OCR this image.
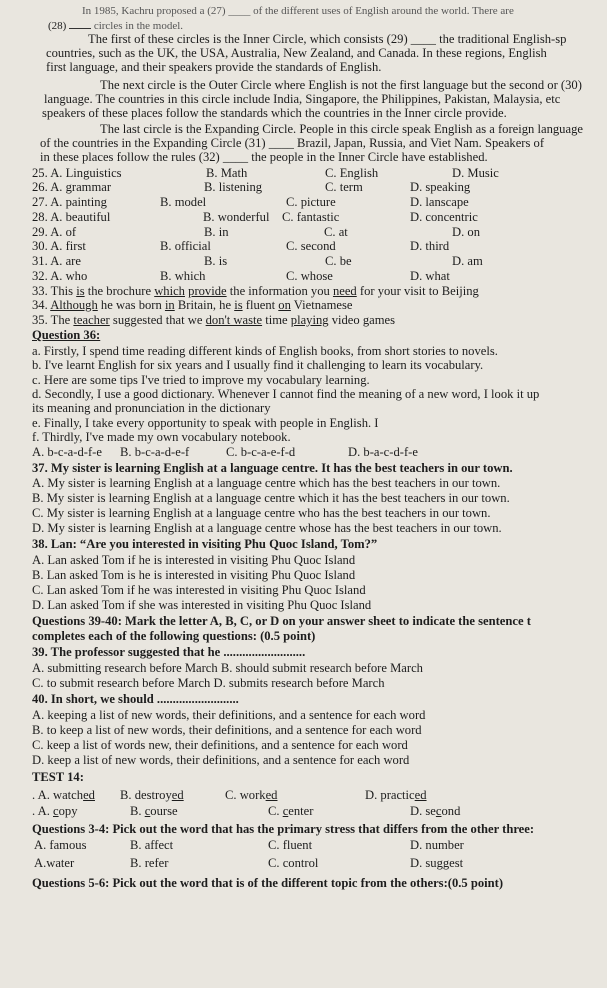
In 1985, Kachru proposed a (27) ____ of the different uses of English around the world. There are
(28)	circles in the model.
The first of these circles is the Inner Circle, which consists (29) ____ the traditional English-sp
countries, such as the UK, the USA, Australia, New Zealand, and Canada. In these regions, English
first language, and their speakers provide the standards of English.
The next circle is the Outer Circle where English is not the first language but the second or (30)
language. The countries in this circle include India, Singapore, the Philippines, Pakistan, Malaysia, etc
speakers of these places follow the standards which the countries in the Inner circle provide.
The last circle is the Expanding Circle. People in this circle speak English as a foreign language
of the countries in the Expanding Circle (31) ____ Brazil, Japan, Russia, and Viet Nam. Speakers of
in these places follow the rules (32) ____ the people in the Inner Circle have established.
25. A. Linguistics	B. Math	C. English	D. Music
26. A. grammar	B. listening	C. term	D. speaking
27. A. painting	B. model	C. picture	D. lanscape
28. A. beautiful	B. wonderful C. fantastic	D. concentric
29. A. of	B. in	C. at	D. on
30. A. first	B. official	C. second	D. third
31. A. are	B. is	C. be	D. am
32. A. who	B. which	C. whose	D. what
33. This is the brochure which provide the information you need for your visit to Beijing
34. Although he was born in Britain, he is fluent on Vietnamese
35. The teacher suggested that we don't waste time playing video games
Question 36:
a. Firstly, I spend time reading different kinds of English books, from short stories to novels.
b. I've learnt English for six years and I usually find it challenging to learn its vocabulary.
c. Here are some tips I've tried to improve my vocabulary learning.
d. Secondly, I use a good dictionary. Whenever I cannot find the meaning of a new word, I look it up
its meaning and pronunciation in the dictionary
e. Finally, I take every opportunity to speak with people in English. I
f. Thirdly, I've made my own vocabulary notebook.
A. b-c-a-d-f-e B. b-c-a-d-e-f	C. b-c-a-e-f-d	D. b-a-c-d-f-e
37. My sister is learning English at a language centre. It has the best teachers in our town.
A. My sister is learning English at a language centre which has the best teachers in our town.
B. My sister is learning English at a language centre which it has the best teachers in our town.
C. My sister is learning English at a language centre who has the best teachers in our town.
D. My sister is learning English at a language centre whose has the best teachers in our town.
38. Lan: “Are you interested in visiting Phu Quoc Island, Tom?”
A. Lan asked Tom if he is interested in visiting Phu Quoc Island
B. Lan asked Tom is he is interested in visiting Phu Quoc Island
C. Lan asked Tom if he was interested in visiting Phu Quoc Island
D. Lan asked Tom if she was interested in visiting Phu Quoc Island
Questions 39-40: Mark the letter A, B, C, or D on your answer sheet to indicate the sentence t
completes each of the following questions: (0.5 point)
39. The professor suggested that he ..........................
A. submitting research before March B. should submit research before March
C. to submit research before March D. submits research before March
40. In short, we should ..........................
A. keeping a list of new words, their definitions, and a sentence for each word
B. to keep a list of new words, their definitions, and a sentence for each word
C. keep a list of words new, their definitions, and a sentence for each word
D. keep a list of new words, their definitions, and a sentence for each word
TEST 14:
. A. watched B. destroyed	C. worked	D. practiced
. A. copy	B. course	C. center	D. second
Questions 3-4: Pick out the word that has the primary stress that differs from the other three:
A. famous	B. affect	C. fluent	D. number
A.water	B. refer	C. control	D. suggest
Questions 5-6: Pick out the word that is of the different topic from the others:(0.5 point)
